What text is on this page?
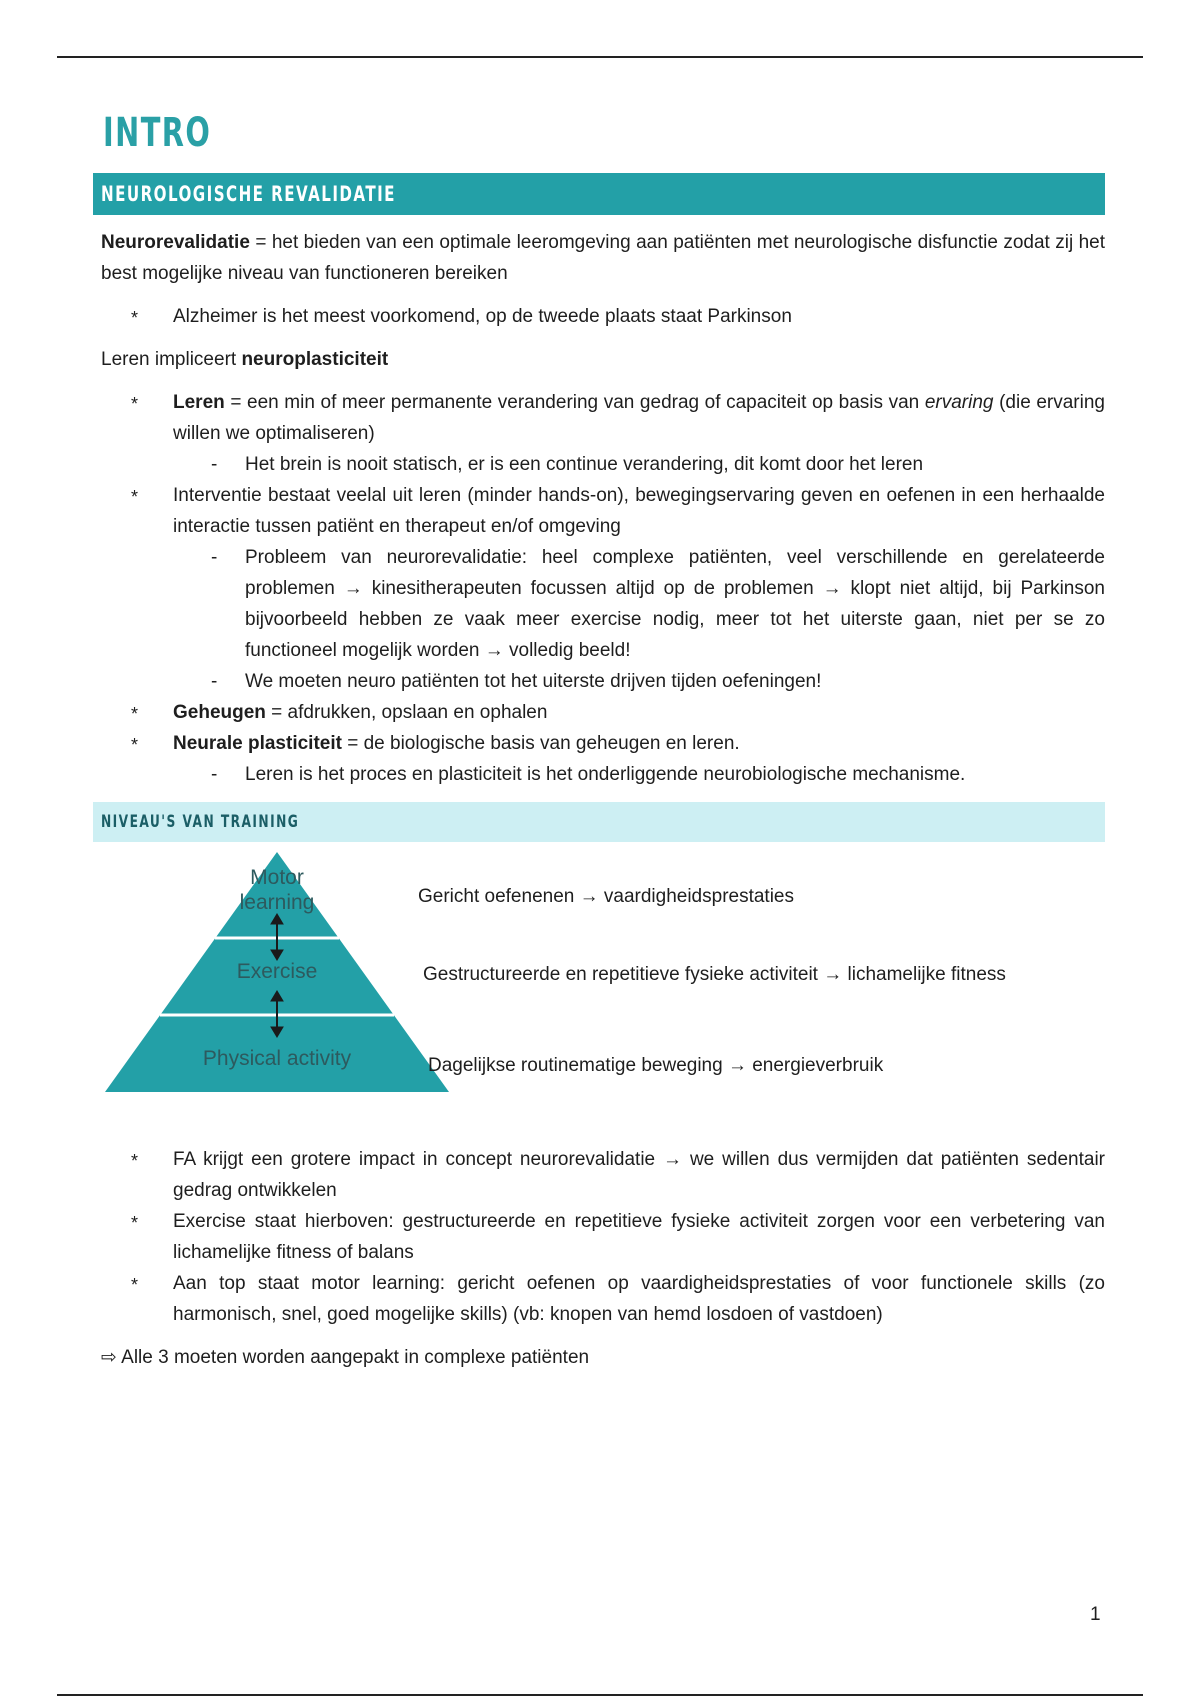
INTRO
NEUROLOGISCHE REVALIDATIE

Neurorevalidatie = het bieden van een optimale leeromgeving aan patiënten met neurologische disfunctie zodat zij het best mogelijke niveau van functioneren bereiken

* Alzheimer is het meest voorkomend, op de tweede plaats staat Parkinson

Leren impliceert neuroplasticiteit

* Leren = een min of meer permanente verandering van gedrag of capaciteit op basis van ervaring (die ervaring willen we optimaliseren)
- Het brein is nooit statisch, er is een continue verandering, dit komt door het leren
* Interventie bestaat veelal uit leren (minder hands-on), bewegingservaring geven en oefenen in een herhaalde interactie tussen patiënt en therapeut en/of omgeving
- Probleem van neurorevalidatie: heel complexe patiënten, veel verschillende en gerelateerde problemen → kinesitherapeuten focussen altijd op de problemen → klopt niet altijd, bij Parkinson bijvoorbeeld hebben ze vaak meer exercise nodig, meer tot het uiterste gaan, niet per se zo functioneel mogelijk worden → volledig beeld!
- We moeten neuro patiënten tot het uiterste drijven tijden oefeningen!
* Geheugen = afdrukken, opslaan en ophalen
* Neurale plasticiteit = de biologische basis van geheugen en leren.
- Leren is het proces en plasticiteit is het onderliggende neurobiologische mechanisme.
NIVEAU'S VAN TRAINING
Motor
learning
Exercise
Physical activity
Gericht oefenenen → vaardigheidsprestaties
Gestructureerde en repetitieve fysieke activiteit → lichamelijke fitness
Dagelijkse routinematige beweging → energieverbruik
* FA krijgt een grotere impact in concept neurorevalidatie → we willen dus vermijden dat patiënten sedentair gedrag ontwikkelen
* Exercise staat hierboven: gestructureerde en repetitieve fysieke activiteit zorgen voor een verbetering van lichamelijke fitness of balans
* Aan top staat motor learning: gericht oefenen op vaardigheidsprestaties of voor functionele skills (zo harmonisch, snel, goed mogelijke skills) (vb: knopen van hemd losdoen of vastdoen)
⇨ Alle 3 moeten worden aangepakt in complexe patiënten
1
